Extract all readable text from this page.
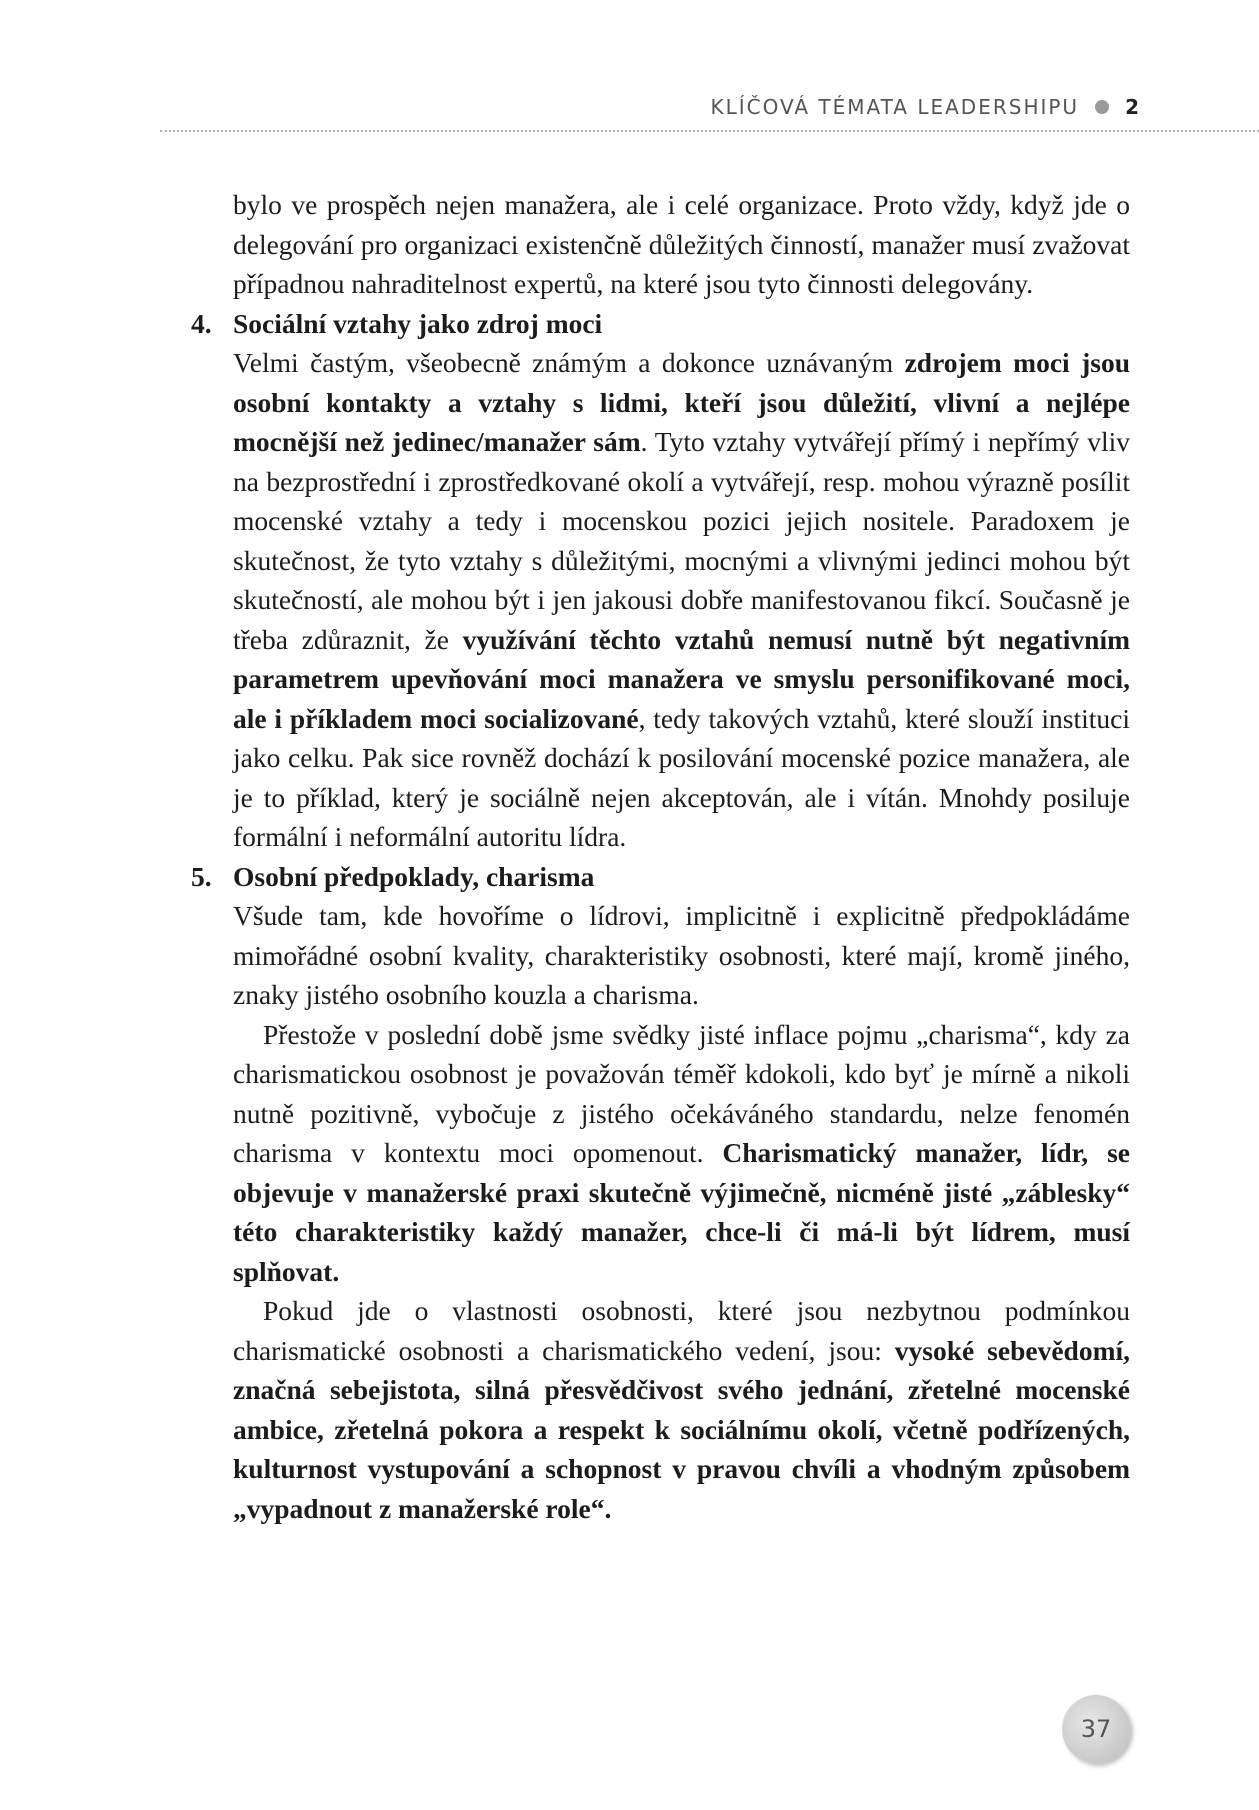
KLÍČOVÁ TÉMATA LEADERSHIPU 2

bylo ve prospěch nejen manažera, ale i celé organizace. Proto vždy, když jde o delegování pro organizaci existenčně důležitých činností, manažer musí zvažovat případnou nahraditelnost expertů, na které jsou tyto činnosti delegovány.

4. Sociální vztahy jako zdroj moci

Velmi častým, všeobecně známým a dokonce uznávaným zdrojem moci jsou osobní kontakty a vztahy s lidmi, kteří jsou důležití, vlivní a nejlépe mocnější než jedinec/manažer sám. Tyto vztahy vytvářejí přímý i nepřímý vliv na bezprostřední i zprostředkované okolí a vytvářejí, resp. mohou výrazně posílit mocenské vztahy a tedy i mocenskou pozici jejich nositele. Paradoxem je skutečnost, že tyto vztahy s důležitými, mocnými a vlivnými jedinci mohou být skutečností, ale mohou být i jen jakousi dobře manifestovanou fikcí. Současně je třeba zdůraznit, že využívání těchto vztahů nemusí nutně být negativním parametrem upevňování moci manažera ve smyslu personifikované moci, ale i příkladem moci socializované, tedy takových vztahů, které slouží instituci jako celku. Pak sice rovněž dochází k posilování mocenské pozice manažera, ale je to příklad, který je sociálně nejen akceptován, ale i vítán. Mnohdy posiluje formální i neformální autoritu lídra.

5. Osobní předpoklady, charisma

Všude tam, kde hovoříme o lídrovi, implicitně i explicitně předpokládáme mimořádné osobní kvality, charakteristiky osobnosti, které mají, kromě jiného, znaky jistého osobního kouzla a charisma.

Přestože v poslední době jsme svědky jisté inflace pojmu „charisma“, kdy za charismatickou osobnost je považován téměř kdokoli, kdo byť je mírně a nikoli nutně pozitivně, vybočuje z jistého očekáváného standardu, nelze fenomén charisma v kontextu moci opomenout. Charismatický manažer, lídr, se objevuje v manažerské praxi skutečně výjimečně, nicméně jisté „záblesky“ této charakteristiky každý manažer, chce-li či má-li být lídrem, musí splňovat.

Pokud jde o vlastnosti osobnosti, které jsou nezbytnou podmínkou charismatické osobnosti a charismatického vedení, jsou: vysoké sebevědomí, značná sebejistota, silná přesvědčivost svého jednání, zřetelné mocenské ambice, zřetelná pokora a respekt k sociálnímu okolí, včetně podřízených, kulturnost vystupování a schopnost v pravou chvíli a vhodným způsobem „vypadnout z manažerské role“.

37
